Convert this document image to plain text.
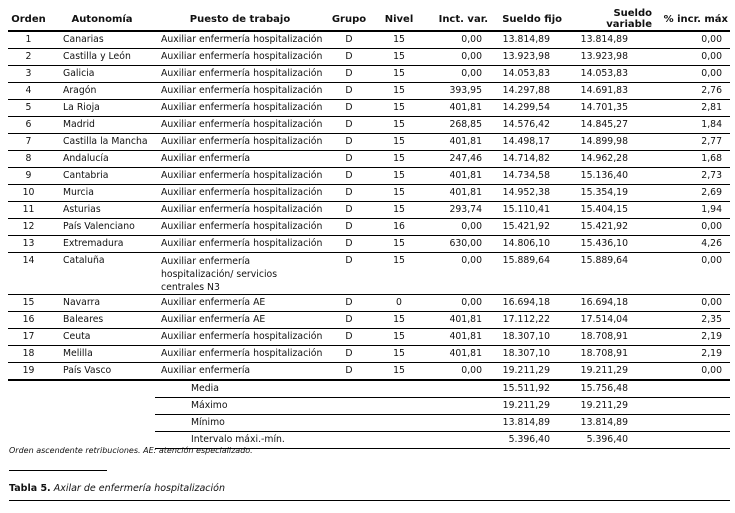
Orden	Autonomía	Puesto de trabajo	Grupo	Nivel	Inct. var.	Sueldo fijo	Sueldo variable	% incr. máx
1	Canarias	Auxiliar enfermería hospitalización	D	15	0,00	13.814,89	13.814,89	0,00
2	Castilla y León	Auxiliar enfermería hospitalización	D	15	0,00	13.923,98	13.923,98	0,00
3	Galicia	Auxiliar enfermería hospitalización	D	15	0,00	14.053,83	14.053,83	0,00
4	Aragón	Auxiliar enfermería hospitalización	D	15	393,95	14.297,88	14.691,83	2,76
5	La Rioja	Auxiliar enfermería hospitalización	D	15	401,81	14.299,54	14.701,35	2,81
6	Madrid	Auxiliar enfermería hospitalización	D	15	268,85	14.576,42	14.845,27	1,84
7	Castilla la Mancha	Auxiliar enfermería hospitalización	D	15	401,81	14.498,17	14.899,98	2,77
8	Andalucía	Auxiliar enfermería	D	15	247,46	14.714,82	14.962,28	1,68
9	Cantabria	Auxiliar enfermería hospitalización	D	15	401,81	14.734,58	15.136,40	2,73
10	Murcia	Auxiliar enfermería hospitalización	D	15	401,81	14.952,38	15.354,19	2,69
11	Asturias	Auxiliar enfermería hospitalización	D	15	293,74	15.110,41	15.404,15	1,94
12	País Valenciano	Auxiliar enfermería hospitalización	D	16	0,00	15.421,92	15.421,92	0,00
13	Extremadura	Auxiliar enfermería hospitalización	D	15	630,00	14.806,10	15.436,10	4,26
14	Cataluña	Auxiliar enfermería hospitalización/ servicios centrales N3	D	15	0,00	15.889,64	15.889,64	0,00
15	Navarra	Auxiliar enfermería AE	D	0	0,00	16.694,18	16.694,18	0,00
16	Baleares	Auxiliar enfermería AE	D	15	401,81	17.112,22	17.514,04	2,35
17	Ceuta	Auxiliar enfermería hospitalización	D	15	401,81	18.307,10	18.708,91	2,19
18	Melilla	Auxiliar enfermería hospitalización	D	15	401,81	18.307,10	18.708,91	2,19
19	País Vasco	Auxiliar enfermería	D	15	0,00	19.211,29	19.211,29	0,00
		Media				15.511,92	15.756,48	
		Máximo				19.211,29	19.211,29	
		Mínimo				13.814,89	13.814,89	
		Intervalo máxi.-mín.				5.396,40	5.396,40	
Orden ascendente retribuciones. AE: atención especializado.
Tabla 5. Axilar de enfermería hospitalización
